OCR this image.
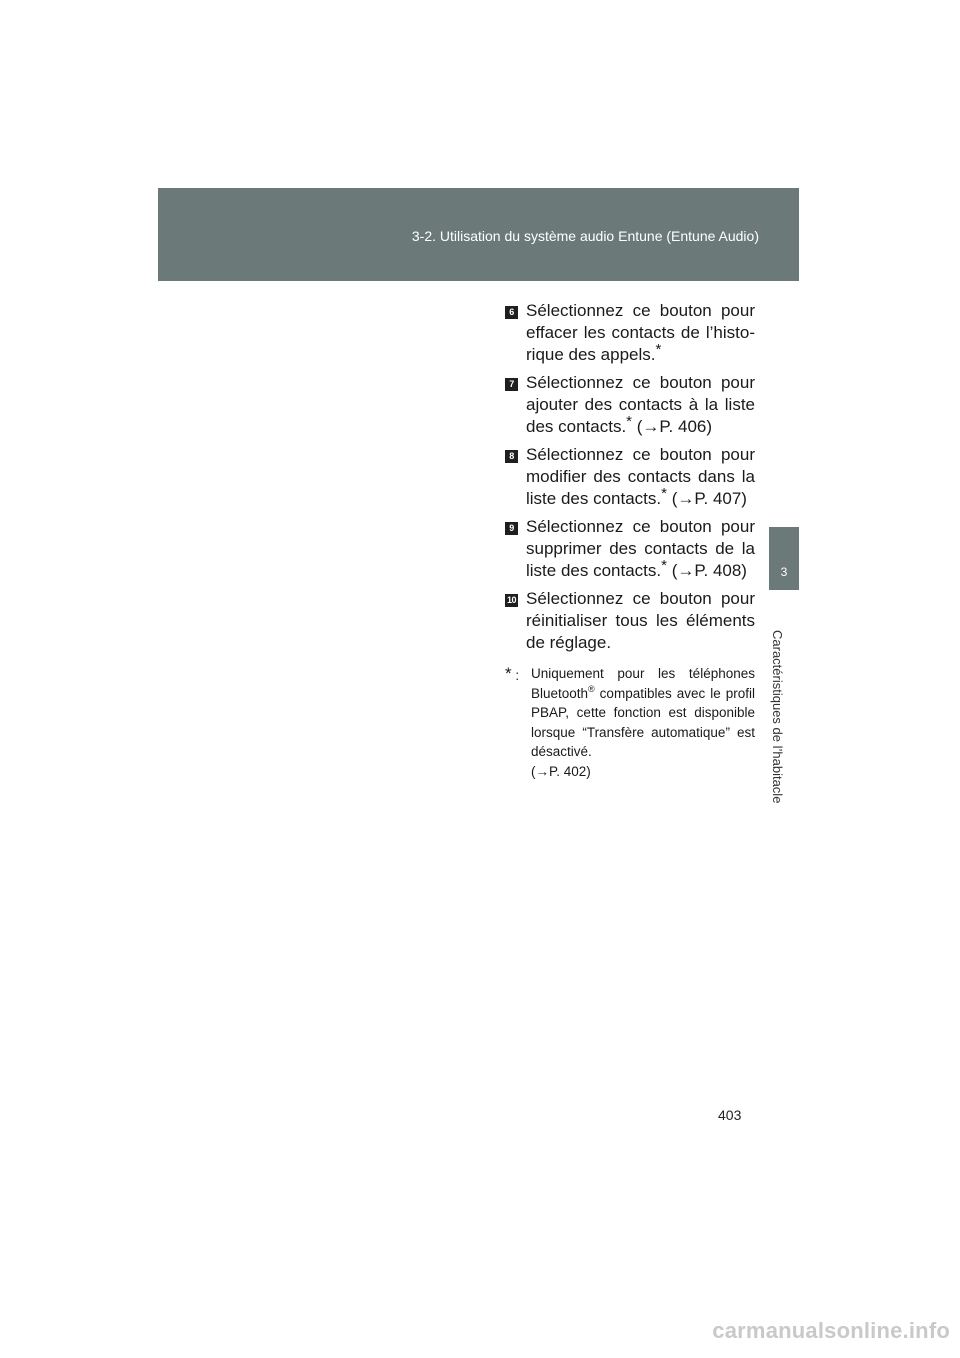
3-2. Utilisation du système audio Entune (Entune Audio)
3
Caractéristiques de l’habitacle
6 Sélectionnez ce bouton pour effacer les contacts de l’histo-rique des appels.*
7 Sélectionnez ce bouton pour ajouter des contacts à la liste des contacts.* (→P. 406)
8 Sélectionnez ce bouton pour modifier des contacts dans la liste des contacts.* (→P. 407)
9 Sélectionnez ce bouton pour supprimer des contacts de la liste des contacts.* (→P. 408)
10 Sélectionnez ce bouton pour réinitialiser tous les éléments de réglage.
* : Uniquement pour les téléphones Bluetooth® compatibles avec le profil PBAP, cette fonction est disponible lorsque “Transfère automatique” est désactivé.
(→P. 402)
403
carmanualsonline.info
